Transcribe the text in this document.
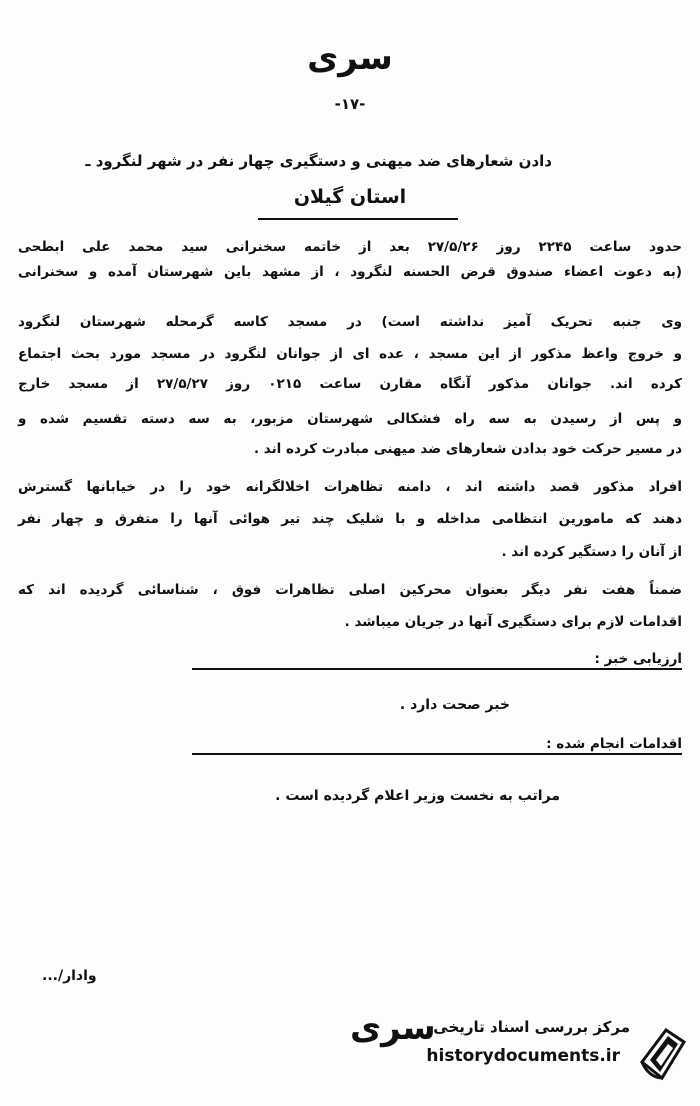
سری
-۱۷-
دادن شعارهای ضد میهنی و دستگیری چهار نفر در شهر لنگرود ـ
استان گیلان
حدود ساعت ۲۲۴۵ روز ۲۷/۵/۲۶ بعد از خاتمه سخنرانی سید محمد علی ابطحی
(به دعوت اعضاء صندوق قرض الحسنه لنگرود ، از مشهد باین شهرستان آمده و سخنرانی
وی جنبه تحریک آمیز نداشته است) در مسجد کاسه گرمحله شهرستان لنگرود
و خروج واعظ مذکور از این مسجد ، عده ای از جوانان لنگرود در مسجد مورد بحث اجتماع
کرده اند. جوانان مذکور آنگاه مقارن ساعت ۰۲۱۵ روز ۲۷/۵/۲۷ از مسجد خارج
و پس از رسیدن به سه راه فشکالی شهرستان مزبور، به سه دسته تقسیم شده و
در مسیر حرکت خود بدادن شعارهای ضد میهنی مبادرت کرده اند .
افراد مذکور قصد داشته اند ، دامنه تظاهرات اخلالگرانه خود را در خیابانها گسترش
دهند که مامورین انتظامی مداخله و با شلیک چند تیر هوائی آنها را متفرق و چهار نفر
از آنان را دستگیر کرده اند .
ضمناً هفت نفر دیگر بعنوان محرکین اصلی تظاهرات فوق ، شناسائی گردیده اند که
اقدامات لازم برای دستگیری آنها در جریان میباشد .
ارزیابی خبر :
خبر صحت دارد .
اقدامات انجام شده :
مراتب به نخست وزیر اعلام گردیده است .
وادار/...
سری
مرکز بررسی اسناد تاریخی
historydocuments.ir
